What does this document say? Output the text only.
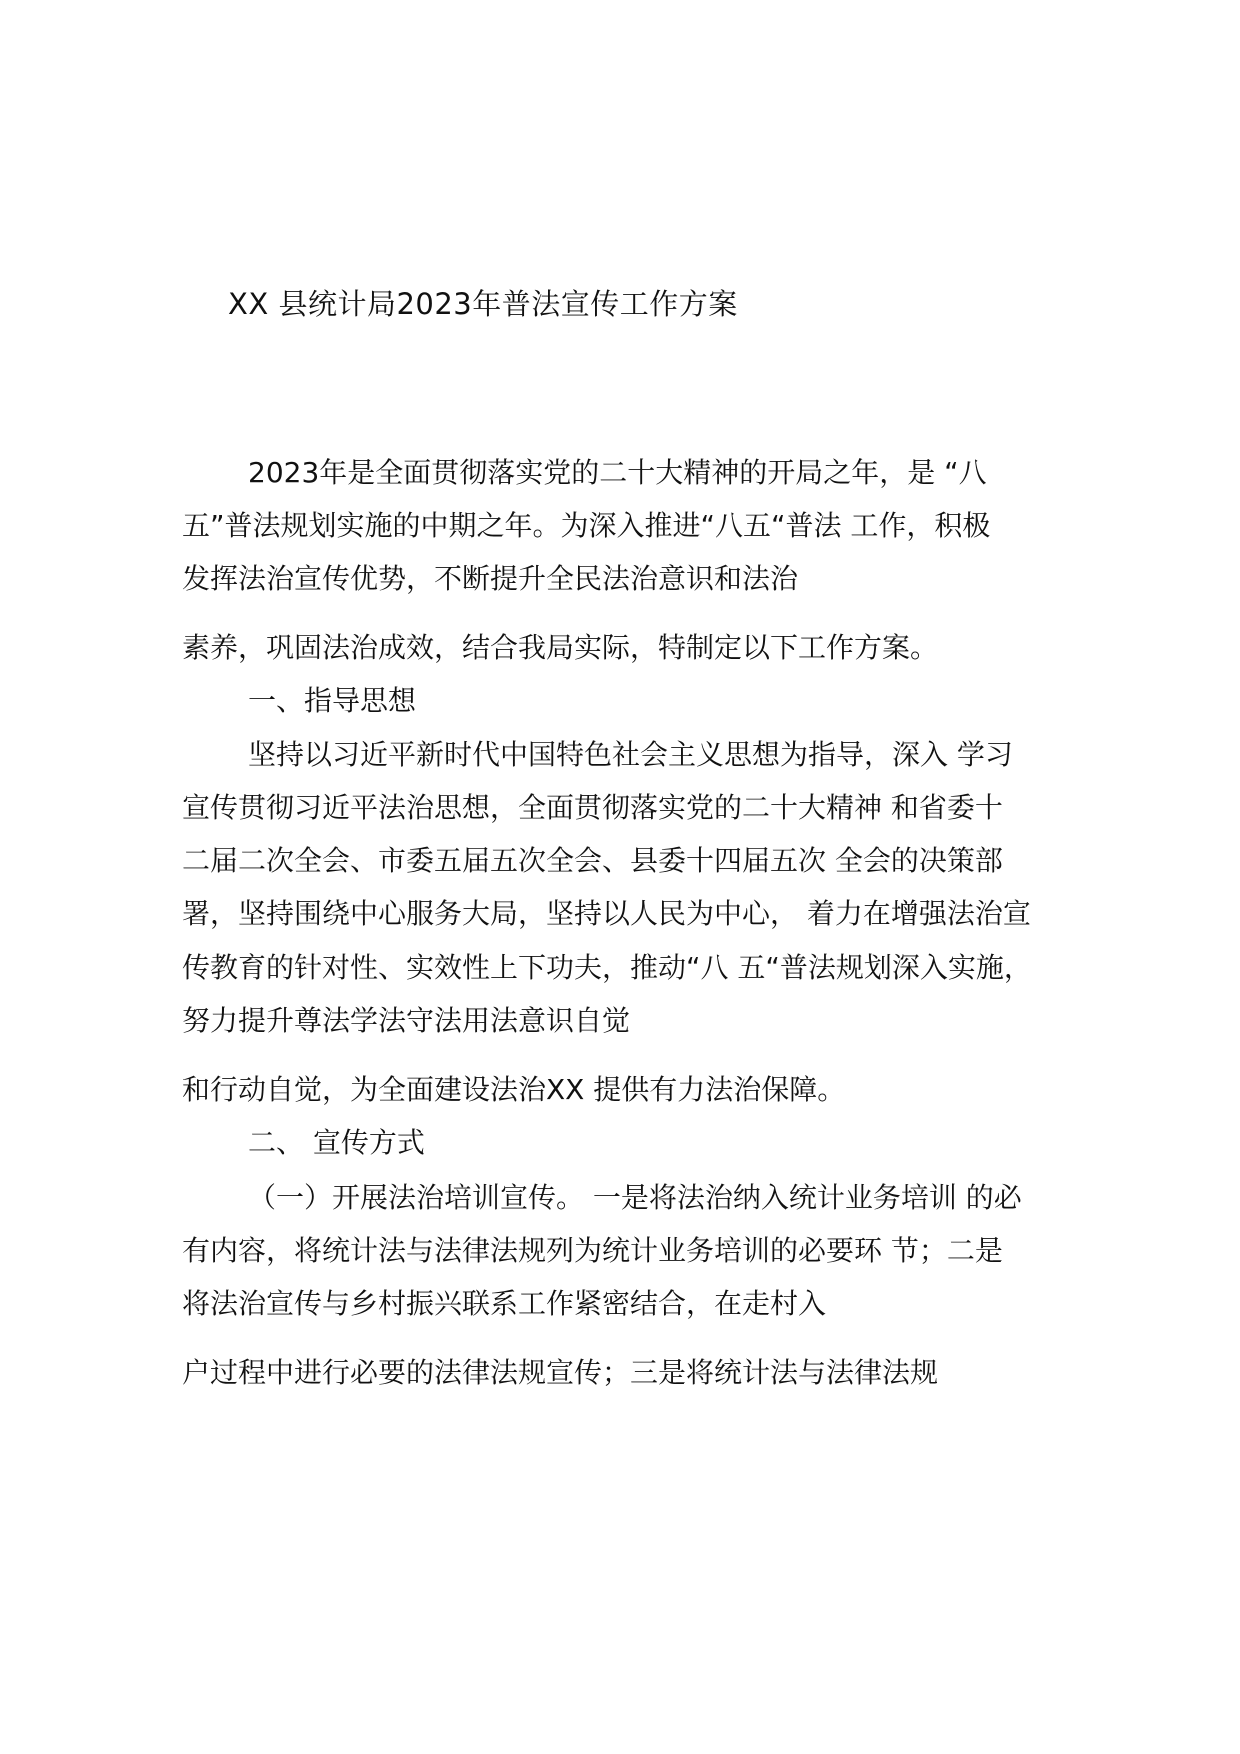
XX 县统计局2023年普法宣传工作方案
2023年是全面贯彻落实党的二十大精神的开局之年，是 “八
五”普法规划实施的中期之年。为深入推进“八五“普法 工作，积极
发挥法治宣传优势，不断提升全民法治意识和法治
素养，巩固法治成效，结合我局实际，特制定以下工作方案。
一、指导思想
坚持以习近平新时代中国特色社会主义思想为指导，深入 学习
宣传贯彻习近平法治思想，全面贯彻落实党的二十大精神 和省委十
二届二次全会、市委五届五次全会、县委十四届五次 全会的决策部
署，坚持围绕中心服务大局，坚持以人民为中心， 着力在增强法治宣
传教育的针对性、实效性上下功夫，推动“八 五“普法规划深入实施，
努力提升尊法学法守法用法意识自觉
和行动自觉，为全面建设法治XX 提供有力法治保障。
二、 宣传方式
（一）开展法治培训宣传。 一是将法治纳入统计业务培训 的必
有内容，将统计法与法律法规列为统计业务培训的必要环 节；二是
将法治宣传与乡村振兴联系工作紧密结合，在走村入
户过程中进行必要的法律法规宣传；三是将统计法与法律法规
